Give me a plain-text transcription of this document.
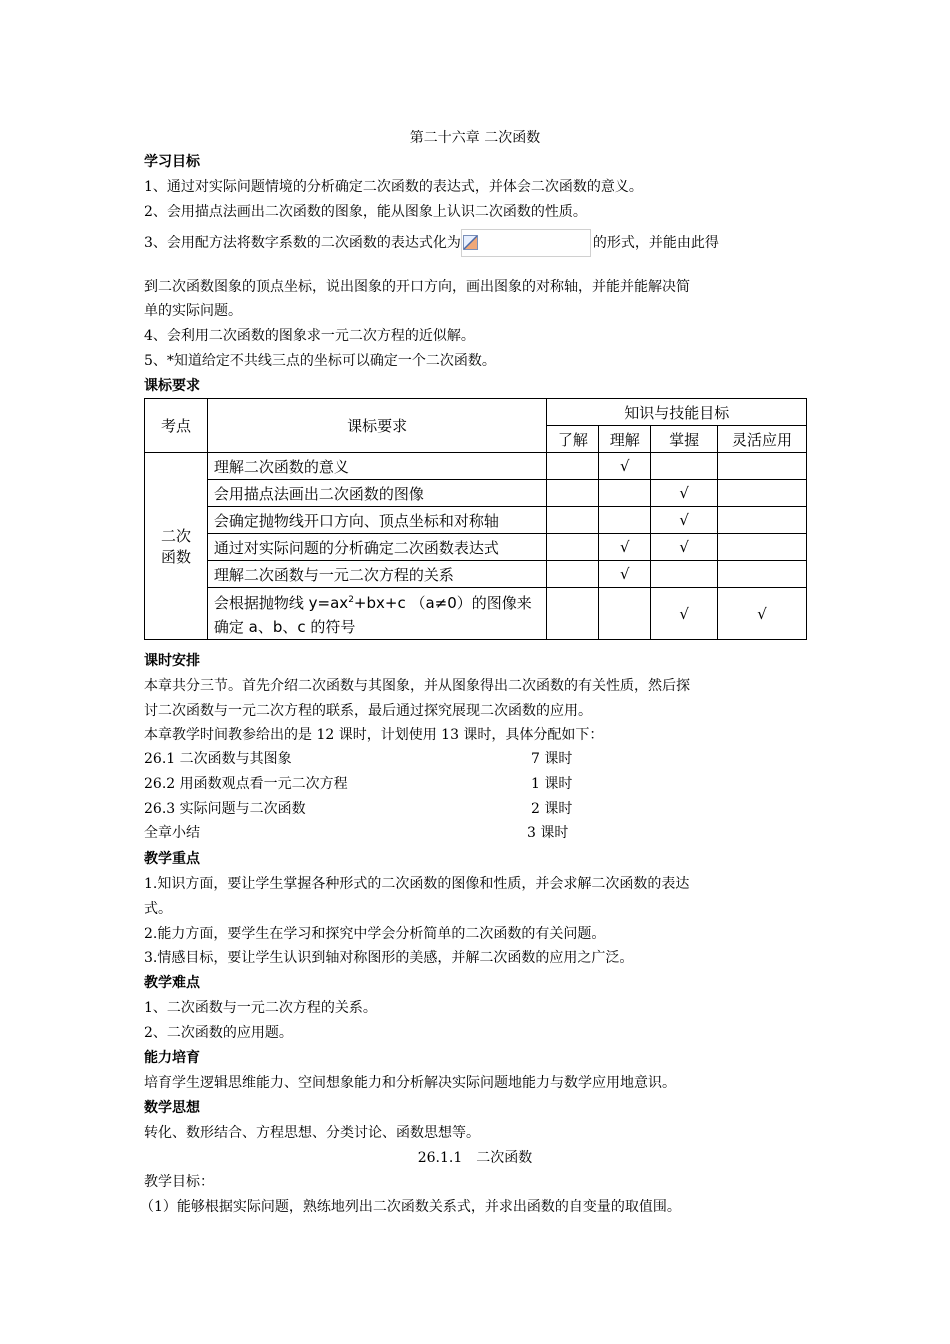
第二十六章 二次函数
学习目标
1、通过对实际问题情境的分析确定二次函数的表达式，并体会二次函数的意义。
2、会用描点法画出二次函数的图象，能从图象上认识二次函数的性质。
3、会用配方法将数字系数的二次函数的表达式化为	的形式，并能由此得
到二次函数图象的顶点坐标，说出图象的开口方向，画出图象的对称轴，并能并能解决简
单的实际问题。
4、会利用二次函数的图象求一元二次方程的近似解。
5、*知道给定不共线三点的坐标可以确定一个二次函数。
课标要求
考点	课标要求	知识与技能目标			
		了解	理解	掌握	灵活应用
二次
函数	理解二次函数的意义		√		
	会用描点法画出二次函数的图像			√	
	会确定抛物线开口方向、顶点坐标和对称轴			√	
	通过对实际问题的分析确定二次函数表达式		√	√	
	理解二次函数与一元二次方程的关系		√		
	会根据抛物线 $y=ax^2+bx+c$ （a≠0）的图像来
确定 a、b、c 的符号			√	√
课时安排
本章共分三节。首先介绍二次函数与其图象，并从图象得出二次函数的有关性质，然后探
讨二次函数与一元二次方程的联系，最后通过探究展现二次函数的应用。
本章教学时间教参给出的是 12 课时，计划使用 13 课时，具体分配如下：
26.1 二次函数与其图象	7 课时
26.2 用函数观点看一元二次方程	1 课时
26.3 实际问题与二次函数	2 课时
全章小结	3 课时
教学重点
1.知识方面，要让学生掌握各种形式的二次函数的图像和性质，并会求解二次函数的表达
式。
2.能力方面，要学生在学习和探究中学会分析简单的二次函数的有关问题。
3.情感目标，要让学生认识到轴对称图形的美感，并解二次函数的应用之广泛。
教学难点
1、二次函数与一元二次方程的关系。
2、二次函数的应用题。
能力培育
培育学生逻辑思维能力、空间想象能力和分析解决实际问题地能力与数学应用地意识。
数学思想
转化、数形结合、方程思想、分类讨论、函数思想等。
26.1.1　二次函数
教学目标：
（1）能够根据实际问题，熟练地列出二次函数关系式，并求出函数的自变量的取值围。
